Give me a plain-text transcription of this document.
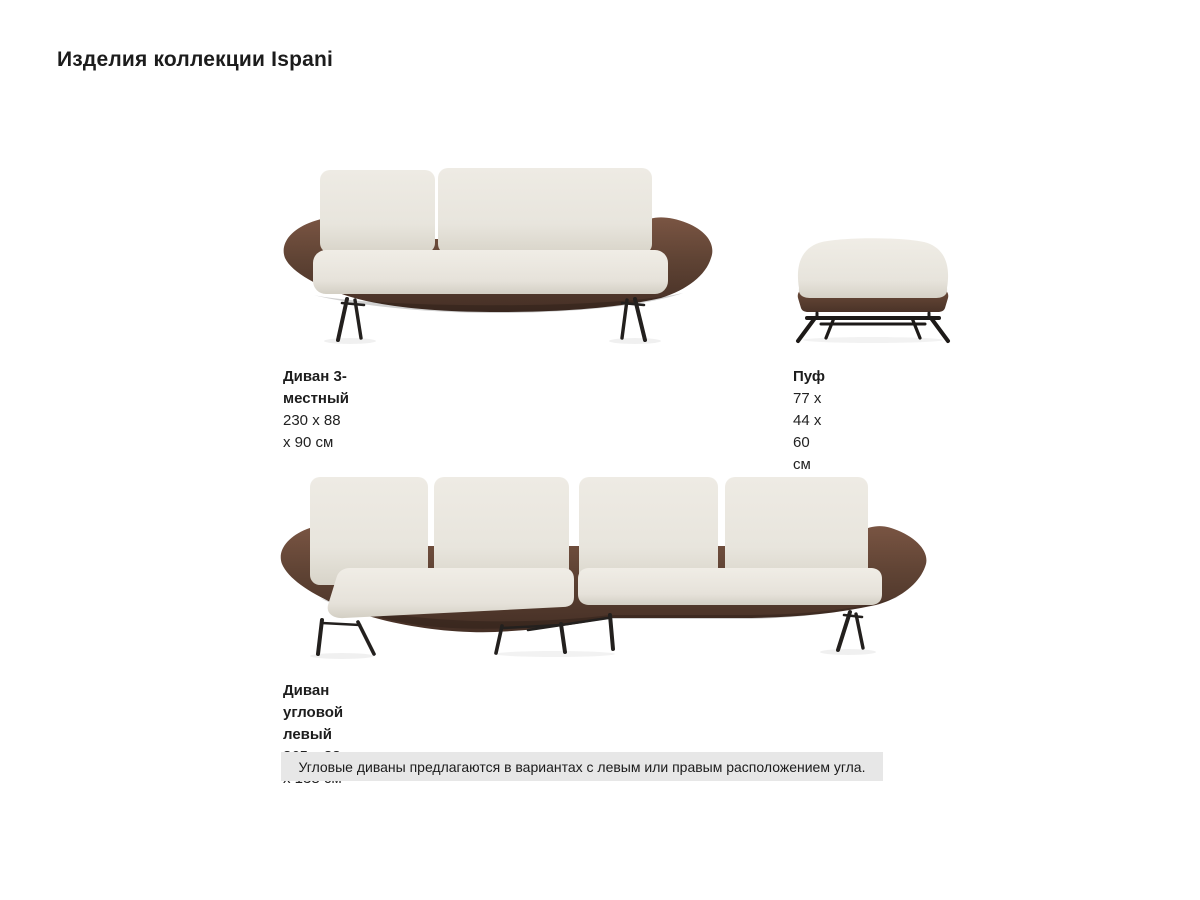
Изделия коллекции Ispani
Диван 3-местный
230 x 88 x 90 см
Пуф
77 x 44 x 60 см
Диван угловой левый
Угловые диваны предлагаются в вариантах с левым или правым расположением угла.
